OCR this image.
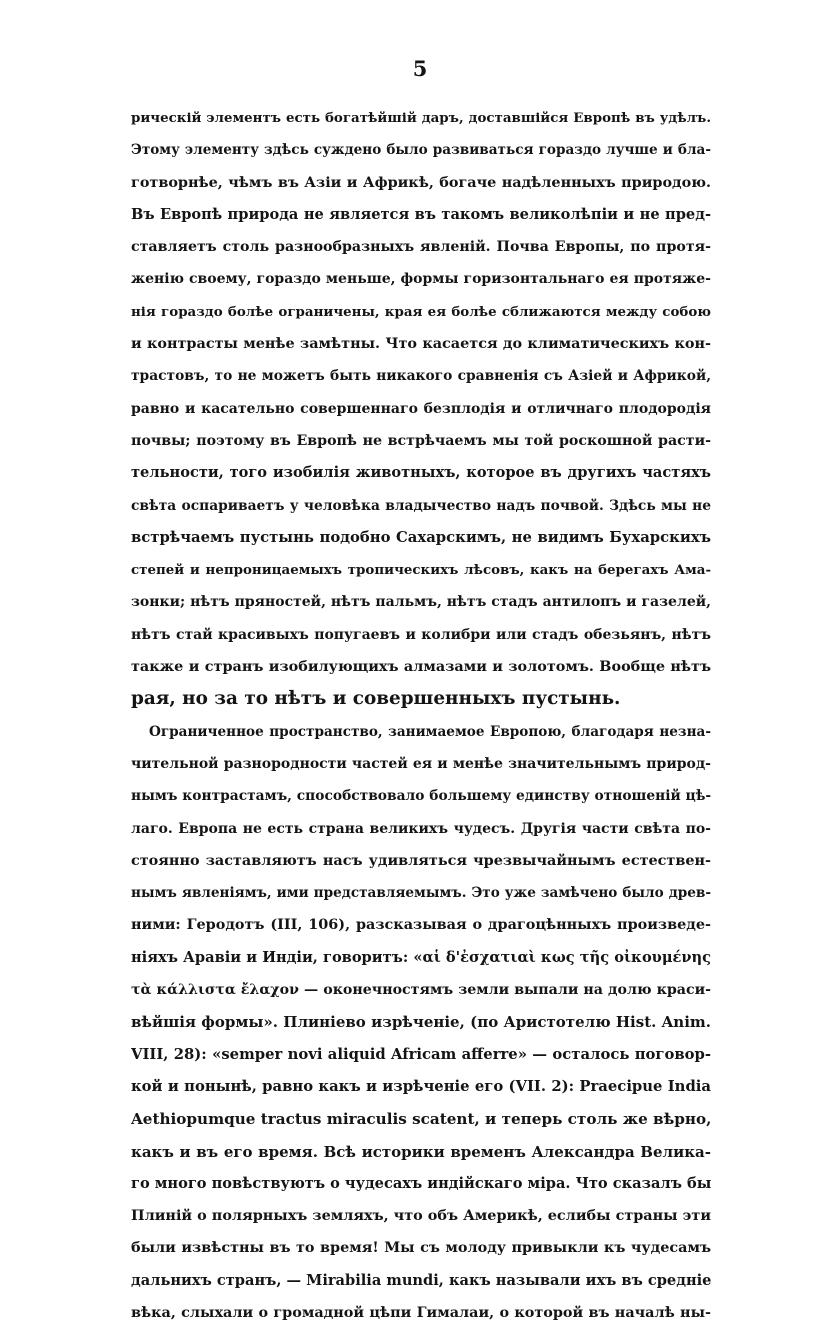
5
рическій элементъ есть богатѣйшій даръ, доставшійся Европѣ въ удѣлъ.
Этому элементу здѣсь суждено было развиваться гораздо лучше и бла-
готворнѣе, чѣмъ въ Азіи и Африкѣ, богаче надѣленныхъ природою.
Въ Европѣ природа не является въ такомъ великолѣпіи и не пред-
ставляетъ столь разнообразныхъ явленій. Почва Европы, по протя-
женію своему, гораздо меньше, формы горизонтальнаго ея протяже-
нія гораздо болѣе ограничены, края ея болѣе сближаются между собою
и контрасты менѣе замѣтны. Что касается до климатическихъ кон-
трастовъ, то не можетъ быть никакого сравненія съ Азіей и Африкой,
равно и касательно совершеннаго безплодія и отличнаго плодородія
почвы; поэтому въ Европѣ не встрѣчаемъ мы той роскошной расти-
тельности, того изобилія животныхъ, которое въ другихъ частяхъ
свѣта оспариваетъ у человѣка владычество надъ почвой. Здѣсь мы не
встрѣчаемъ пустынь подобно Сахарскимъ, не видимъ Бухарскихъ
степей и непроницаемыхъ тропическихъ лѣсовъ, какъ на берегахъ Ама-
зонки; нѣтъ пряностей, нѣтъ пальмъ, нѣтъ стадъ антилопъ и газелей,
нѣтъ стай красивыхъ попугаевъ и колибри или стадъ обезьянъ, нѣтъ
также и странъ изобилующихъ алмазами и золотомъ. Вообще нѣтъ
рая, но за то нѣтъ и совершенныхъ пустынь.
Ограниченное пространство, занимаемое Европою, благодаря незна-
чительной разнородности частей ея и менѣе значительнымъ природ-
нымъ контрастамъ, способствовало большему единству отношеній цѣ-
лаго. Европа не есть страна великихъ чудесъ. Другія части свѣта по-
стоянно заставляютъ насъ удивляться чрезвычайнымъ естествен-
нымъ явленіямъ, ими представляемымъ. Это уже замѣчено было древ-
ними: Геродотъ (III, 106), разсказывая о драгоцѣнныхъ произведе-
ніяхъ Аравіи и Индіи, говоритъ: «αἱ δ'ἐσχατιαὶ κως τῆς οἰκουμένης
τὰ κάλλιστα ἔλαχον — оконечностямъ земли выпали на долю краси-
вѣйшія формы». Плиніево изрѣченіе, (по Аристотелю Hist. Anim.
VIII, 28): «semper novi aliquid Africam afferre» — осталось поговор-
кой и понынѣ, равно какъ и изрѣченіе его (VII. 2): Praecipue India
Aethiopumque tractus miraculis scatent, и теперь столь же вѣрно,
какъ и въ его время. Всѣ историки временъ Александра Велика-
го много повѣствуютъ о чудесахъ индійскаго міра. Что сказалъ бы
Плиній о полярныхъ земляхъ, что объ Америкѣ, еслибы страны эти
были извѣстны въ то время! Мы съ молоду привыкли къ чудесамъ
дальнихъ странъ, — Mirabilia mundi, какъ называли ихъ въ средніе
вѣка, слыхали о громадной цѣпи Гималаи, о которой въ началѣ ны-
